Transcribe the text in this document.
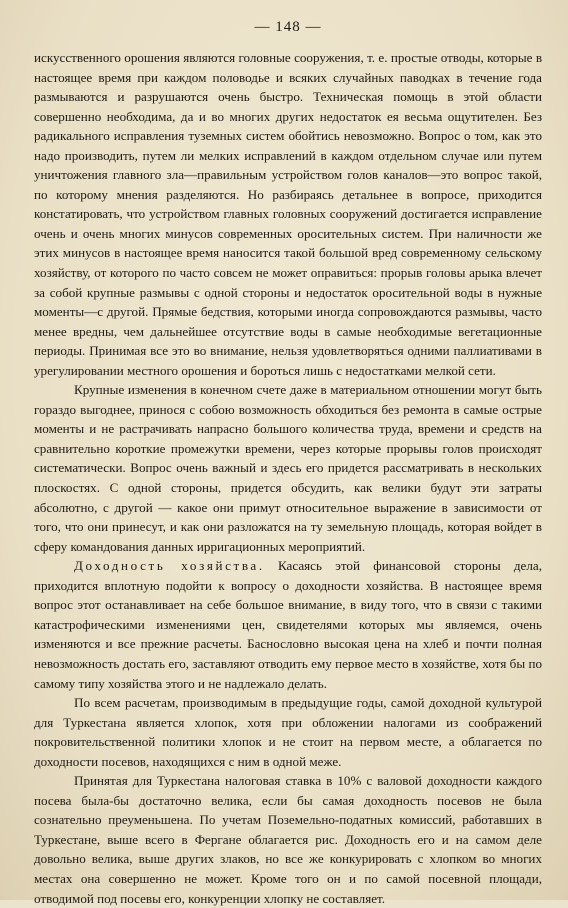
— 148 —

искусственного орошения являются головные сооружения, т. е. простые отводы, которые в настоящее время при каждом половодье и всяких случайных паводках в течение года размываются и разрушаются очень быстро. Техническая помощь в этой области совершенно необходима, да и во многих других недостаток ея весьма ощутителен. Без радикального исправления туземных систем обойтись невозможно. Вопрос о том, как это надо производить, путем ли мелких исправлений в каждом отдельном случае или путем уничтожения главного зла—правильным устройством голов каналов—это вопрос такой, по которому мнения разделяются. Но разбираясь детальнее в вопросе, приходится констатировать, что устройством главных головных сооружений достигается исправление очень и очень многих минусов современных оросительных систем. При наличности же этих минусов в настоящее время наносится такой большой вред современному сельскому хозяйству, от которого по часто совсем не может оправиться: прорыв головы арыка влечет за собой крупные размывы с одной стороны и недостаток оросительной воды в нужные моменты—с другой. Прямые бедствия, которыми иногда сопровождаются размывы, часто менее вредны, чем дальнейшее отсутствие воды в самые необходимые вегетационные периоды. Принимая все это во внимание, нельзя удовлетворяться одними паллиативами в урегулировании местного орошения и бороться лишь с недостатками мелкой сети.

Крупные изменения в конечном счете даже в материальном отношении могут быть гораздо выгоднее, принося с собою возможность обходиться без ремонта в самые острые моменты и не растрачивать напрасно большого количества труда, времени и средств на сравнительно короткие промежутки времени, через которые прорывы голов происходят систематически. Вопрос очень важный и здесь его придется рассматривать в нескольких плоскостях. С одной стороны, придется обсудить, как велики будут эти затраты абсолютно, с другой — какое они примут относительное выражение в зависимости от того, что они принесут, и как они разложатся на ту земельную площадь, которая войдет в сферу командования данных ирригационных мероприятий.

Доходность хозяйства. Касаясь этой финансовой стороны дела, приходится вплотную подойти к вопросу о доходности хозяйства. В настоящее время вопрос этот останавливает на себе большое внимание, в виду того, что в связи с такими катастрофическими изменениями цен, свидетелями которых мы являемся, очень изменяются и все прежние расчеты. Баснословно высокая цена на хлеб и почти полная невозможность достать его, заставляют отводить ему первое место в хозяйстве, хотя бы по самому типу хозяйства этого и не надлежало делать.

По всем расчетам, производимым в предыдущие годы, самой доходной культурой для Туркестана является хлопок, хотя при обложении налогами из соображений покровительственной политики хлопок и не стоит на первом месте, а облагается по доходности посевов, находящихся с ним в одной меже.

Принятая для Туркестана налоговая ставка в 10% с валовой доходности каждого посева была-бы достаточно велика, если бы самая доходность посевов не была сознательно преуменьшена. По учетам Поземельно-податных комиссий, работавших в Туркестане, выше всего в Фергане облагается рис. Доходность его и на самом деле довольно велика, выше других злаков, но все же конкурировать с хлопком во многих местах она совершенно не может. Кроме того он и по самой посевной площади, отводимой под посевы его, конкуренции хлопку не составляет.
